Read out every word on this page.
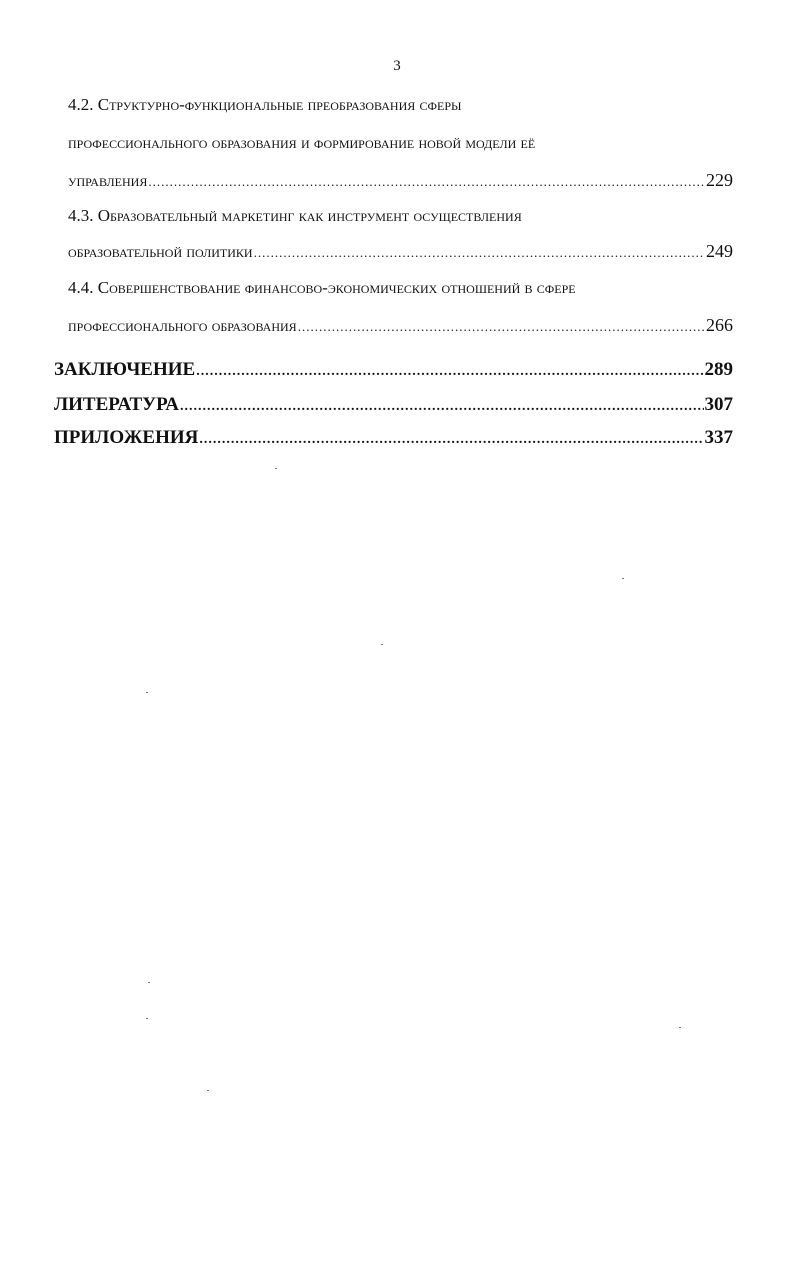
3
4.2. Структурно-функциональные преобразования сферы
профессионального образования и формирование новой модели её
управления .....	229
4.3. Образовательный маркетинг как инструмент осуществления
образовательной политики .....	249
4.4. Совершенствование финансово-экономических отношений в сфере
профессионального образования .....	266
ЗАКЛЮЧЕНИЕ .....	289
ЛИТЕРАТУРА .....	307
ПРИЛОЖЕНИЯ .....	337
